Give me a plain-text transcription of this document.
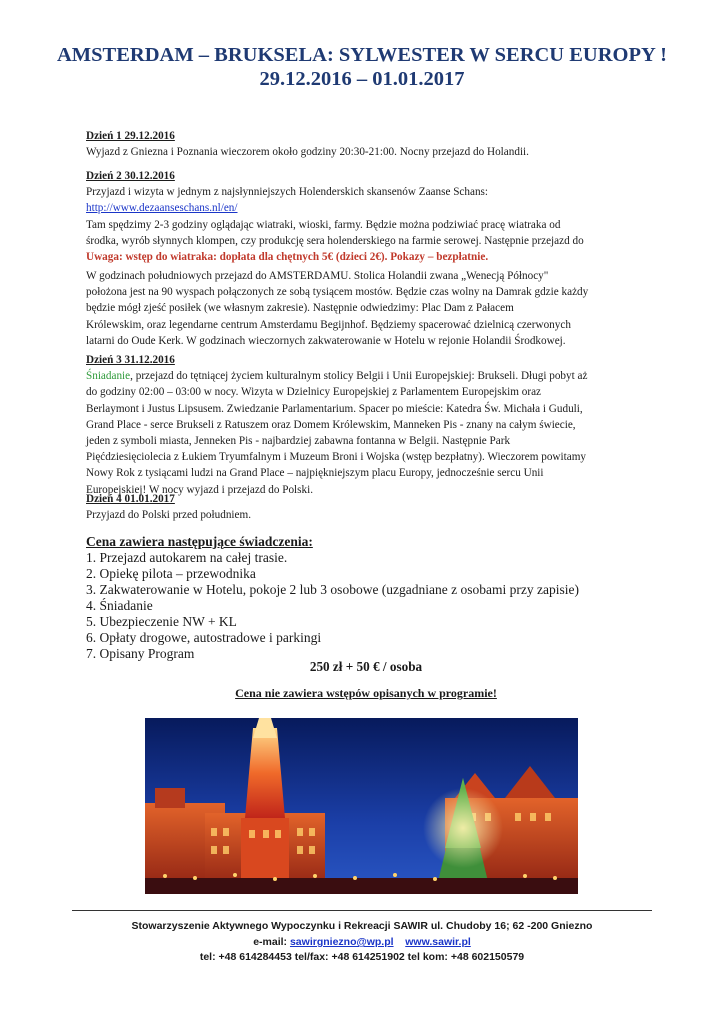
AMSTERDAM – BRUKSELA: SYLWESTER W SERCU EUROPY !
29.12.2016 – 01.01.2017
Dzień 1 29.12.2016
Wyjazd z Gniezna i Poznania wieczorem około godziny 20:30-21:00. Nocny przejazd do Holandii.
Dzień 2 30.12.2016
Przyjazd i wizyta w jednym z najsłynniejszych Holenderskich skansenów Zaanse Schans:
http://www.dezaanseschans.nl/en/
Tam spędzimy 2-3 godziny oglądając wiatraki, wioski, farmy. Będzie można podziwiać pracę wiatraka od
środka, wyrób słynnych klompen, czy produkcję sera holenderskiego na farmie serowej. Następnie przejazd do
Uwaga: wstęp do wiatraka: dopłata dla chętnych 5€ (dzieci 2€). Pokazy – bezpłatnie.
W godzinach południowych przejazd do AMSTERDAMU. Stolica Holandii zwana „Wenecją Północy"
położona jest na 90 wyspach połączonych ze sobą tysiącem mostów. Będzie czas wolny na Damrak gdzie każdy
będzie mógł zjeść posiłek (we własnym zakresie). Następnie odwiedzimy: Plac Dam z Pałacem
Królewskim, oraz legendarne centrum Amsterdamu Begijnhof. Będziemy spacerować dzielnicą czerwonych
latarni do Oude Kerk. W godzinach wieczornych zakwaterowanie w Hotelu w rejonie Holandii Środkowej.
Dzień 3 31.12.2016
Śniadanie, przejazd do tętniącej życiem kulturalnym stolicy Belgii i Unii Europejskiej: Brukseli. Długi pobyt aż
do godziny 02:00 – 03:00 w nocy. Wizyta w Dzielnicy Europejskiej z Parlamentem Europejskim oraz
Berlaymont i Justus Lipsusem. Zwiedzanie Parlamentarium. Spacer po mieście: Katedra Św. Michała i Guduli,
Grand Place - serce Brukseli z Ratuszem oraz Domem Królewskim, Manneken Pis - znany na całym świecie,
jeden z symboli miasta, Jenneken Pis - najbardziej zabawna fontanna w Belgii. Następnie Park
Pięćdziesięciolecia z Łukiem Tryumfalnym i Muzeum Broni i Wojska (wstęp bezpłatny). Wieczorem powitamy
Nowy Rok z tysiącami ludzi na Grand Place – najpiękniejszym placu Europy, jednocześnie sercu Unii
Europejskiej! W nocy wyjazd i przejazd do Polski.
Dzień 4 01.01.2017
Przyjazd do Polski przed południem.
Cena zawiera następujące świadczenia:
1. Przejazd autokarem na całej trasie.
2. Opiekę pilota – przewodnika
3. Zakwaterowanie w Hotelu, pokoje 2 lub 3 osobowe (uzgadniane z osobami przy zapisie)
4. Śniadanie
5. Ubezpieczenie NW + KL
6. Opłaty drogowe, autostradowe i parkingi
7. Opisany Program
250 zł + 50 € / osoba
Cena nie zawiera wstępów opisanych w programie!
Stowarzyszenie Aktywnego Wypoczynku i Rekreacji SAWIR ul. Chudoby 16; 62 -200 Gniezno
e-mail: sawirgniezno@wp.pl www.sawir.pl
tel: +48 614284453 tel/fax: +48 614251902 tel kom: +48 602150579
